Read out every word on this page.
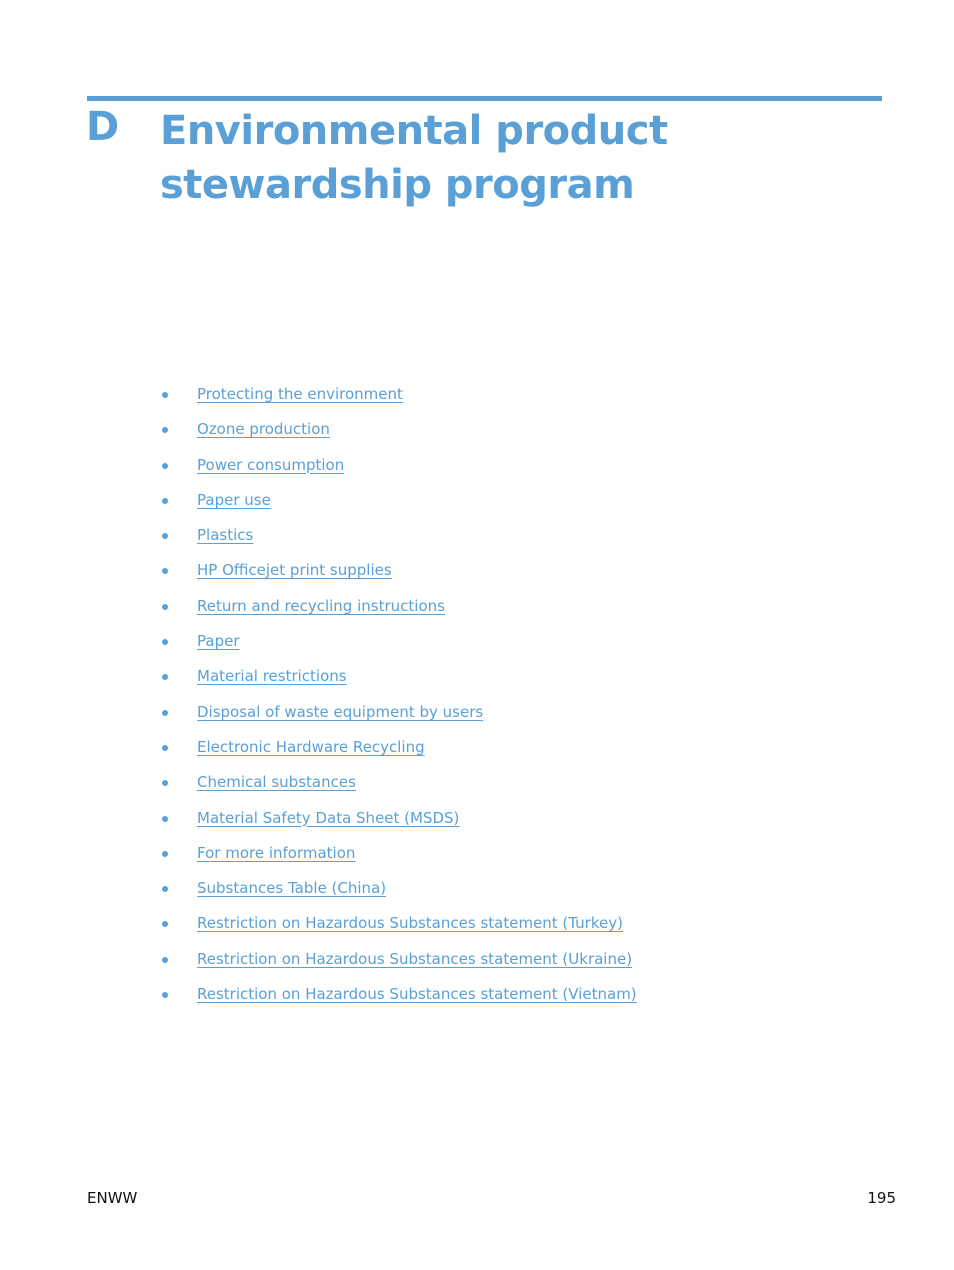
D Environmental product stewardship program
Protecting the environment
Ozone production
Power consumption
Paper use
Plastics
HP Officejet print supplies
Return and recycling instructions
Paper
Material restrictions
Disposal of waste equipment by users
Electronic Hardware Recycling
Chemical substances
Material Safety Data Sheet (MSDS)
For more information
Substances Table (China)
Restriction on Hazardous Substances statement (Turkey)
Restriction on Hazardous Substances statement (Ukraine)
Restriction on Hazardous Substances statement (Vietnam)
ENWW	195
